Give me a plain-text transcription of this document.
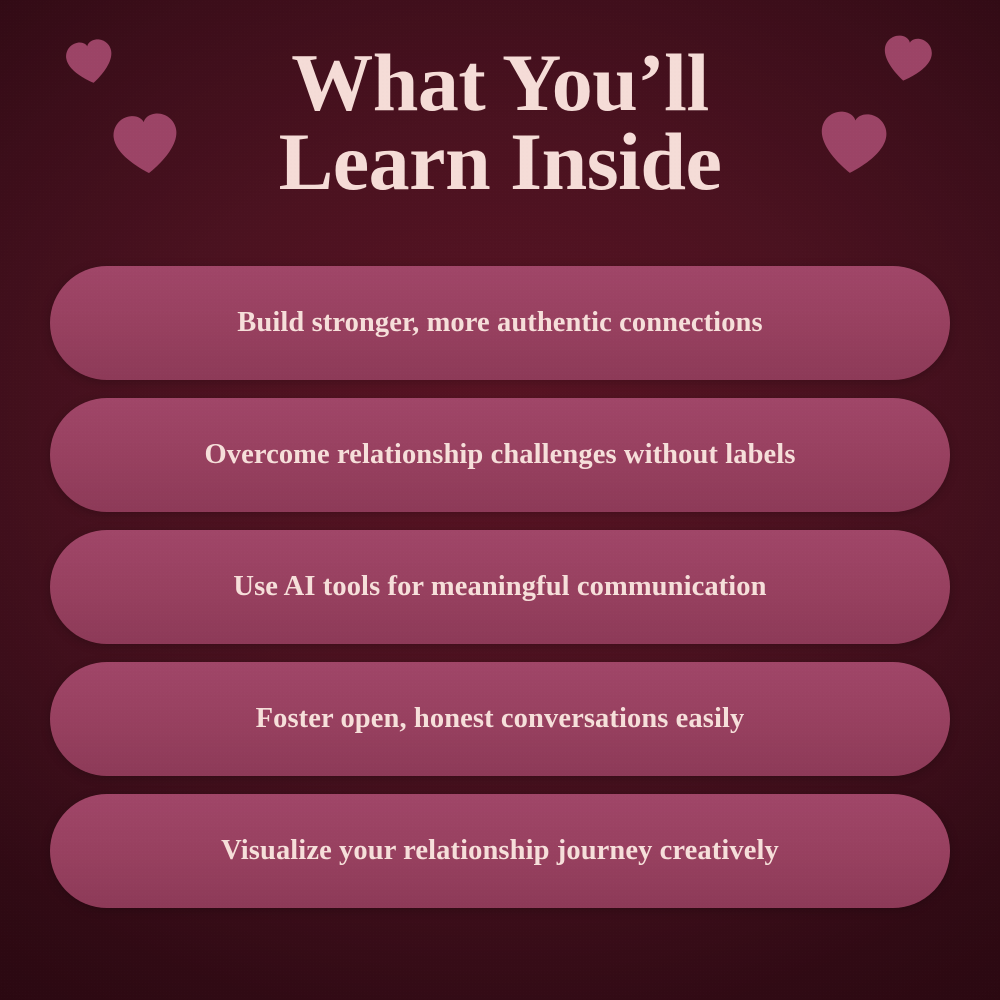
What You’ll
Learn Inside
Build stronger, more authentic connections
Overcome relationship challenges without labels
Use AI tools for meaningful communication
Foster open, honest conversations easily
Visualize your relationship journey creatively
